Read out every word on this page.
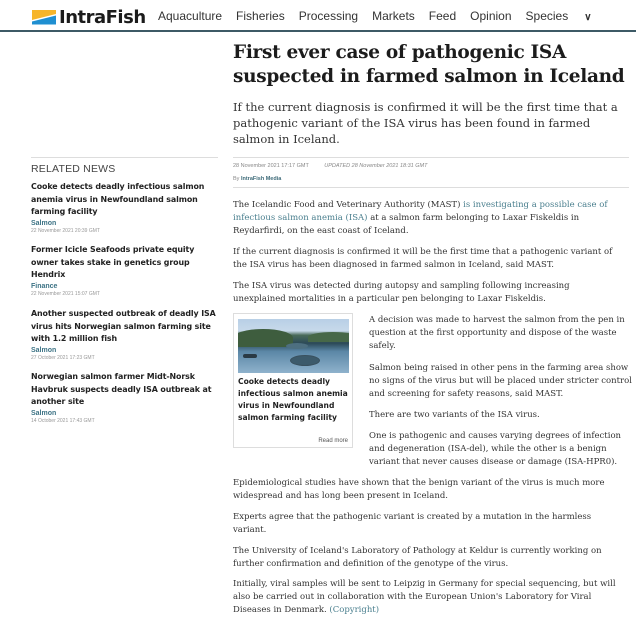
IntraFish Aquaculture Fisheries Processing Markets Feed Opinion Species ∨
First ever case of pathogenic ISA suspected in farmed salmon in Iceland

If the current diagnosis is confirmed it will be the first time that a pathogenic variant of the ISA virus has been found in farmed salmon in Iceland.

28 November 2021 17:17 GMT	UPDATED 28 November 2021 18:31 GMT
By IntraFish Media
RELATED NEWS
Cooke detects deadly infectious salmon anemia virus in Newfoundland salmon farming facility
Salmon
22 November 2021 20:39 GMT
Former Icicle Seafoods private equity owner takes stake in genetics group Hendrix
Finance
22 November 2021 15:07 GMT
Another suspected outbreak of deadly ISA virus hits Norwegian salmon farming site with 1.2 million fish
Salmon
27 October 2021 17:23 GMT
Norwegian salmon farmer Midt-Norsk Havbruk suspects deadly ISA outbreak at another site
Salmon
14 October 2021 17:43 GMT

The Icelandic Food and Veterinary Authority (MAST) is investigating a possible case of infectious salmon anemia (ISA) at a salmon farm belonging to Laxar Fiskeldis in Reydarfirdi, on the east coast of Iceland.

If the current diagnosis is confirmed it will be the first time that a pathogenic variant of the ISA virus has been diagnosed in farmed salmon in Iceland, said MAST.

The ISA virus was detected during autopsy and sampling following increasing unexplained mortalities in a particular pen belonging to Laxar Fiskeldis.

Cooke detects deadly infectious salmon anemia virus in Newfoundland salmon farming facility
Read more

A decision was made to harvest the salmon from the pen in question at the first opportunity and dispose of the waste safely.

Salmon being raised in other pens in the farming area show no signs of the virus but will be placed under stricter control and screening for safety reasons, said MAST.

There are two variants of the ISA virus.

One is pathogenic and causes varying degrees of infection and degeneration (ISA-del), while the other is a benign variant that never causes disease or damage (ISA-HPR0).

Epidemiological studies have shown that the benign variant of the virus is much more widespread and has long been present in Iceland.

Experts agree that the pathogenic variant is created by a mutation in the harmless variant.

The University of Iceland's Laboratory of Pathology at Keldur is currently working on further confirmation and definition of the genotype of the virus.

Initially, viral samples will be sent to Leipzig in Germany for special sequencing, but will also be carried out in collaboration with the European Union's Laboratory for Viral Diseases in Denmark. (Copyright)
